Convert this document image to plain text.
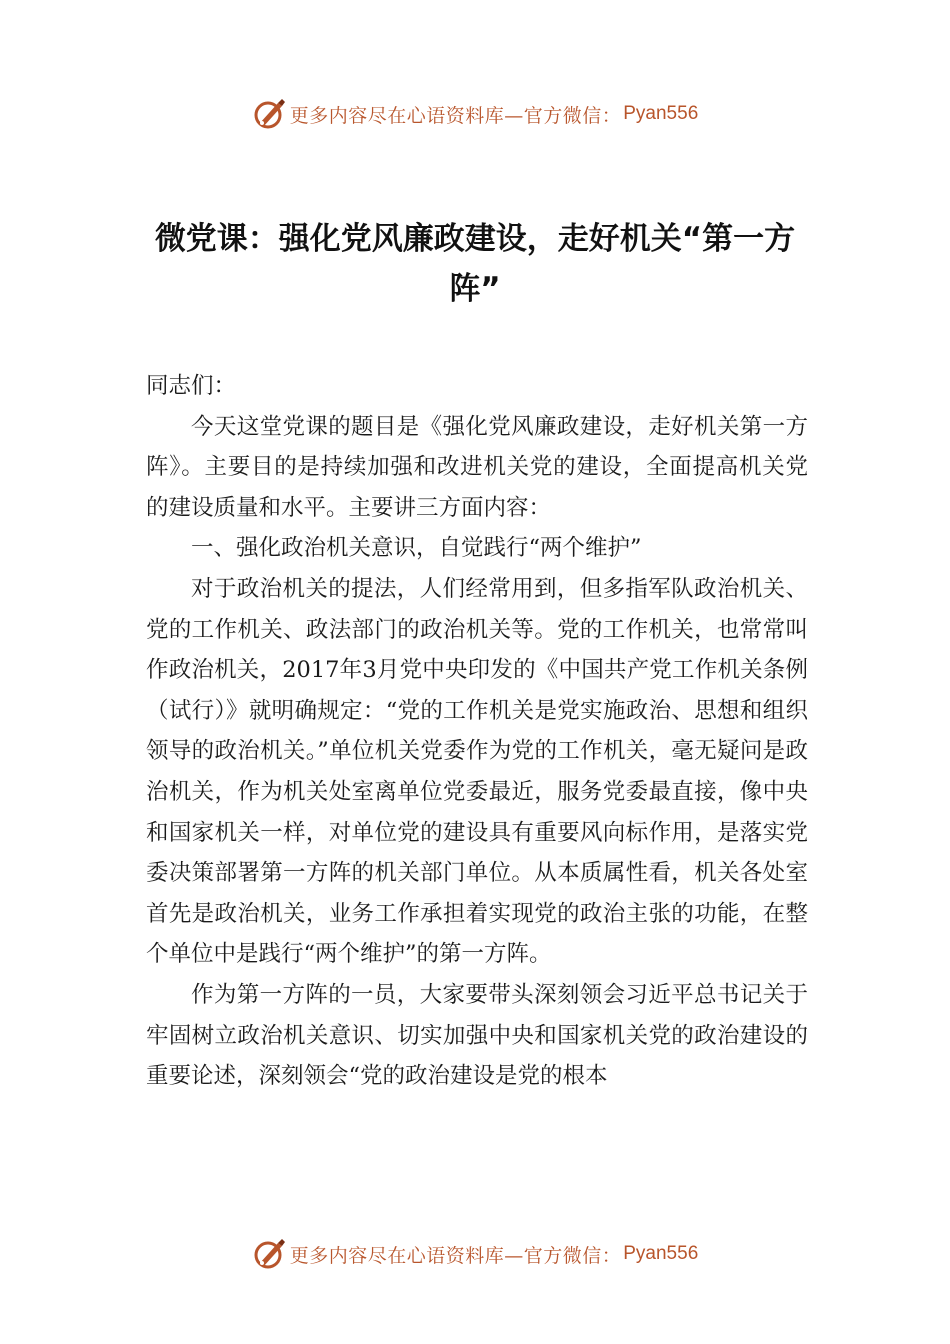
更多内容尽在心语资料库—官方微信： Pyan556
微党课：强化党风廉政建设，走好机关“第一方阵”

同志们：

今天这堂党课的题目是《强化党风廉政建设，走好机关第一方阵》。主要目的是持续加强和改进机关党的建设，全面提高机关党的建设质量和水平。主要讲三方面内容：

一、强化政治机关意识，自觉践行“两个维护”

对于政治机关的提法，人们经常用到，但多指军队政治机关、党的工作机关、政法部门的政治机关等。党的工作机关，也常常叫作政治机关，2017年3月党中央印发的《中国共产党工作机关条例（试行）》就明确规定：“党的工作机关是党实施政治、思想和组织领导的政治机关。”单位机关党委作为党的工作机关，毫无疑问是政治机关，作为机关处室离单位党委最近，服务党委最直接，像中央和国家机关一样，对单位党的建设具有重要风向标作用，是落实党委决策部署第一方阵的机关部门单位。从本质属性看，机关各处室首先是政治机关，业务工作承担着实现党的政治主张的功能，在整个单位中是践行“两个维护”的第一方阵。

作为第一方阵的一员，大家要带头深刻领会习近平总书记关于牢固树立政治机关意识、切实加强中央和国家机关党的政治建设的重要论述，深刻领会“党的政治建设是党的根本

更多内容尽在心语资料库—官方微信： Pyan556
